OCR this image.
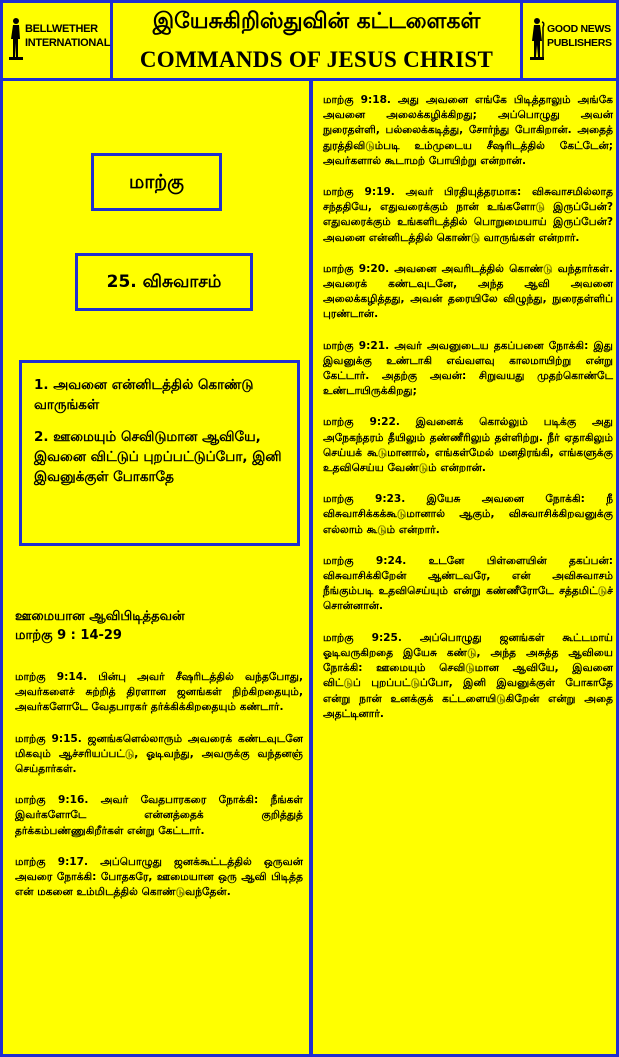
BELLWETHER INTERNATIONAL
இயேசுகிறிஸ்துவின் கட்டளைகள்
COMMANDS OF JESUS CHRIST
GOOD NEWS PUBLISHERS
மாற்கு
25. விசுவாசம்
1. அவனை என்னிடத்தில் கொண்டு வாருங்கள்
2. ஊமையும் செவிடுமான ஆவியே, இவனை விட்டுப் புறப்பட்டுப்போ, இனி இவனுக்குள் போகாதே
ஊமையான ஆவிபிடித்தவன்
மாற்கு 9 : 14-29

மாற்கு 9:14. பின்பு அவர் சீஷரிடத்தில் வந்தபோது, அவர்களைச் சுற்றித் திரளான ஜனங்கள் நிற்கிறதையும், அவர்களோடே வேதபாரகர் தர்க்கிக்கிறதையும் கண்டார்.

மாற்கு 9:15. ஜனங்களெல்லாரும் அவரைக் கண்டவுடனே மிகவும் ஆச்சரியப்பட்டு, ஓடிவந்து, அவருக்கு வந்தனஞ் செய்தார்கள்.

மாற்கு 9:16. அவர் வேதபாரகரை நோக்கி: நீங்கள் இவர்களோடே என்னத்தைக் குறித்துத் தர்க்கம்பண்ணுகிறீர்கள் என்று கேட்டார்.

மாற்கு 9:17. அப்பொழுது ஜனக்கூட்டத்தில் ஒருவன் அவரை நோக்கி: போதகரே, ஊமையான ஒரு ஆவி பிடித்த என் மகனை உம்மிடத்தில் கொண்டுவந்தேன்.

மாற்கு 9:18. அது அவனை எங்கே பிடித்தாலும் அங்கே அவனை அலைக்கழிக்கிறது; அப்பொழுது அவன் நுரைதள்ளி, பல்லைக்கடித்து, சோர்ந்து போகிறான். அதைத் துரத்திவிடும்படி உம்முடைய சீஷரிடத்தில் கேட்டேன்; அவர்களால் கூடாமற் போயிற்று என்றான்.

மாற்கு 9:19. அவர் பிரதியுத்தரமாக: விசுவாசமில்லாத சந்ததியே, எதுவரைக்கும் நான் உங்களோடு இருப்பேன்? எதுவரைக்கும் உங்களிடத்தில் பொறுமையாய் இருப்பேன்? அவனை என்னிடத்தில் கொண்டு வாருங்கள் என்றார்.

மாற்கு 9:20. அவனை அவரிடத்தில் கொண்டு வந்தார்கள். அவரைக் கண்டவுடனே, அந்த ஆவி அவனை அலைக்கழித்தது, அவன் தரையிலே விழுந்து, நுரைதள்ளிப் புரண்டான்.

மாற்கு 9:21. அவர் அவனுடைய தகப்பனை நோக்கி: இது இவனுக்கு உண்டாகி எவ்வளவு காலமாயிற்று என்று கேட்டார். அதற்கு அவன்: சிறுவயது முதற்கொண்டே உண்டாயிருக்கிறது;

மாற்கு 9:22. இவனைக் கொல்லும் படிக்கு அது அநேகந்தரம் தீயிலும் தண்ணீரிலும் தள்ளிற்று. நீர் ஏதாகிலும் செய்யக் கூடுமானால், எங்கள்மேல் மனதிரங்கி, எங்களுக்கு உதவிசெய்ய வேண்டும் என்றான்.

மாற்கு 9:23. இயேசு அவனை நோக்கி: நீ விசுவாசிக்கக்கூடுமானால் ஆகும், விசுவாசிக்கிறவனுக்கு எல்லாம் கூடும் என்றார்.

மாற்கு 9:24. உடனே பிள்ளையின் தகப்பன்: விசுவாசிக்கிறேன் ஆண்டவரே, என் அவிசுவாசம் நீங்கும்படி உதவிசெய்யும் என்று கண்ணீரோடே சத்தமிட்டுச் சொன்னான்.

மாற்கு 9:25. அப்பொழுது ஜனங்கள் கூட்டமாய் ஓடிவருகிறதை இயேசு கண்டு, அந்த அசுத்த ஆவியை நோக்கி: ஊமையும் செவிடுமான ஆவியே, இவனை விட்டுப் புறப்பட்டுப்போ, இனி இவனுக்குள் போகாதே என்று நான் உனக்குக் கட்டளையிடுகிறேன் என்று அதை அதட்டினார்.
